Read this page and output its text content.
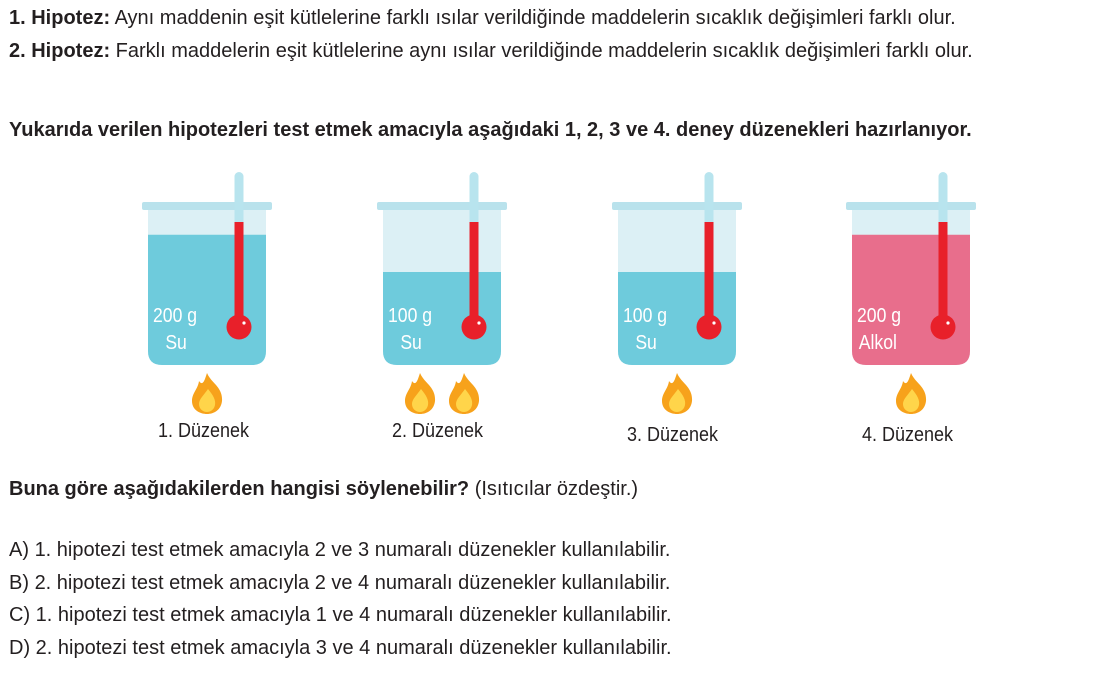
1. Hipotez: Aynı maddenin eşit kütlelerine farklı ısılar verildiğinde maddelerin sıcaklık değişimleri farklı olur.

2. Hipotez: Farklı maddelerin eşit kütlelerine aynı ısılar verildiğinde maddelerin sıcaklık değişimleri farklı olur.

Yukarıda verilen hipotezleri test etmek amacıyla aşağıdaki 1, 2, 3 ve 4. deney düzenekleri hazırlanıyor.

200 g
Su
1. Düzenek
100 g
Su
2. Düzenek
100 g
Su
3. Düzenek
200 g
Alkol
4. Düzenek

Buna göre aşağıdakilerden hangisi söylenebilir? (Isıtıcılar özdeştir.)

A) 1. hipotezi test etmek amacıyla 2 ve 3 numaralı düzenekler kullanılabilir.
B) 2. hipotezi test etmek amacıyla 2 ve 4 numaralı düzenekler kullanılabilir.
C) 1. hipotezi test etmek amacıyla 1 ve 4 numaralı düzenekler kullanılabilir.
D) 2. hipotezi test etmek amacıyla 3 ve 4 numaralı düzenekler kullanılabilir.
